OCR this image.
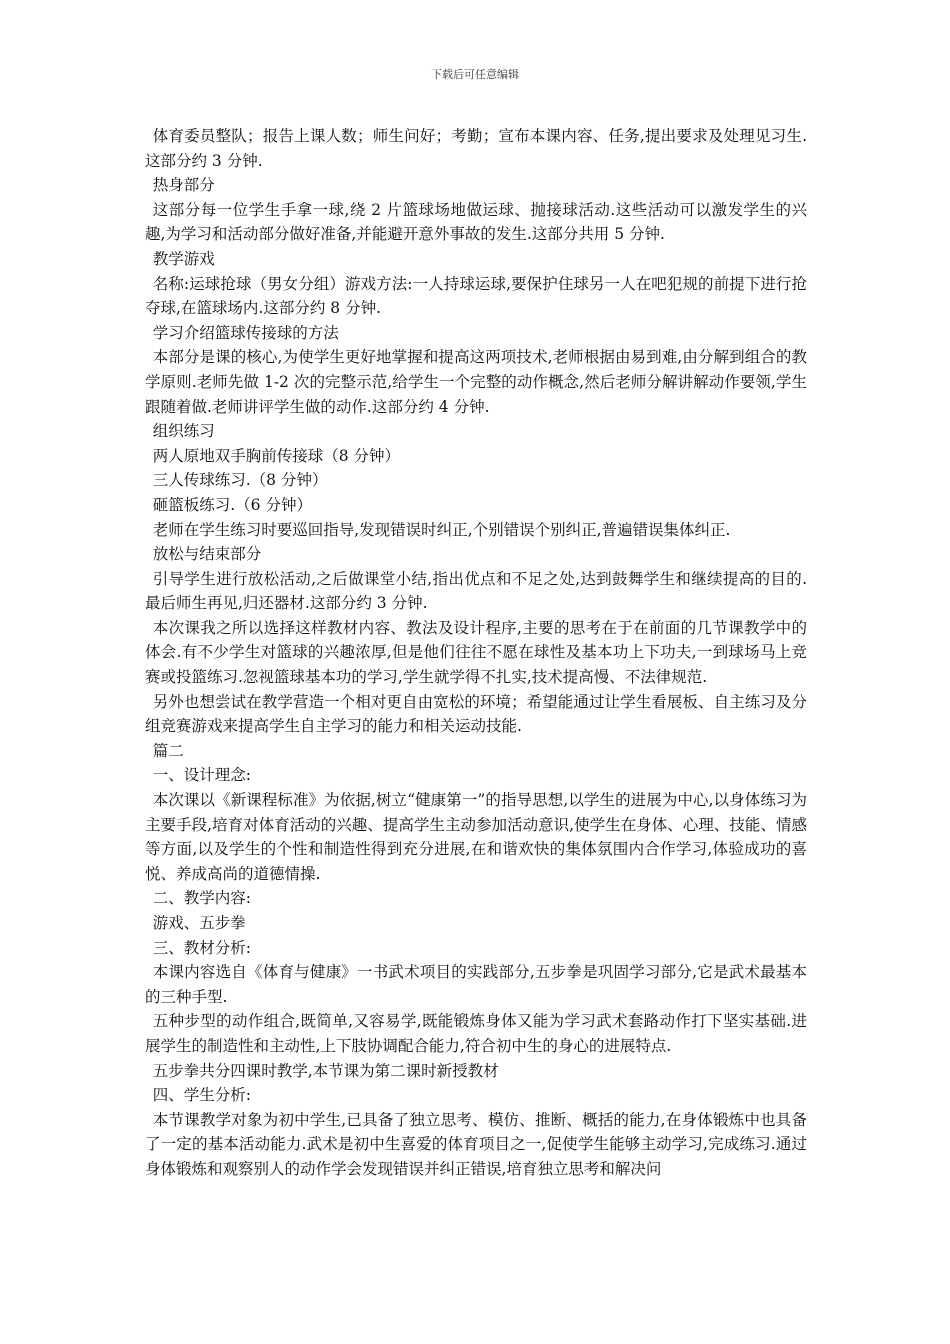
下载后可任意编辑

体育委员整队；报告上课人数；师生问好；考勤；宣布本课内容、任务,提出要求及处理见习生.这部分约 3 分钟.

热身部分

这部分每一位学生手拿一球,绕 2 片篮球场地做运球、抛接球活动.这些活动可以激发学生的兴趣,为学习和活动部分做好准备,并能避开意外事故的发生.这部分共用 5 分钟.

教学游戏

名称:运球抢球（男女分组）游戏方法:一人持球运球,要保护住球另一人在吧犯规的前提下进行抢夺球,在篮球场内.这部分约 8 分钟.

学习介绍篮球传接球的方法

本部分是课的核心,为使学生更好地掌握和提高这两项技术,老师根据由易到难,由分解到组合的教学原则.老师先做 1-2 次的完整示范,给学生一个完整的动作概念,然后老师分解讲解动作要领,学生跟随着做.老师讲评学生做的动作.这部分约 4 分钟.

组织练习

两人原地双手胸前传接球（8 分钟）

三人传球练习.（8 分钟）

砸篮板练习.（6 分钟）

老师在学生练习时要巡回指导,发现错误时纠正,个别错误个别纠正,普遍错误集体纠正.

放松与结束部分

引导学生进行放松活动,之后做课堂小结,指出优点和不足之处,达到鼓舞学生和继续提高的目的.最后师生再见,归还器材.这部分约 3 分钟.

本次课我之所以选择这样教材内容、教法及设计程序,主要的思考在于在前面的几节课教学中的体会.有不少学生对篮球的兴趣浓厚,但是他们往往不愿在球性及基本功上下功夫,一到球场马上竞赛或投篮练习.忽视篮球基本功的学习,学生就学得不扎实,技术提高慢、不法律规范.

另外也想尝试在教学营造一个相对更自由宽松的环境；希望能通过让学生看展板、自主练习及分组竞赛游戏来提高学生自主学习的能力和相关运动技能.

篇二

一、设计理念:

本次课以《新课程标准》为依据,树立“健康第一”的指导思想,以学生的进展为中心,以身体练习为主要手段,培育对体育活动的兴趣、提高学生主动参加活动意识,使学生在身体、心理、技能、情感等方面,以及学生的个性和制造性得到充分进展,在和谐欢快的集体氛围内合作学习,体验成功的喜悦、养成高尚的道德情操.

二、教学内容:

游戏、五步拳

三、教材分析:

本课内容选自《体育与健康》一书武术项目的实践部分,五步拳是巩固学习部分,它是武术最基本的三种手型.

五种步型的动作组合,既简单,又容易学,既能锻炼身体又能为学习武术套路动作打下坚实基础.进展学生的制造性和主动性,上下肢协调配合能力,符合初中生的身心的进展特点.

五步拳共分四课时教学,本节课为第二课时新授教材

四、学生分析:

本节课教学对象为初中学生,已具备了独立思考、模仿、推断、概括的能力,在身体锻炼中也具备了一定的基本活动能力.武术是初中生喜爱的体育项目之一,促使学生能够主动学习,完成练习.通过身体锻炼和观察别人的动作学会发现错误并纠正错误,培育独立思考和解决问
